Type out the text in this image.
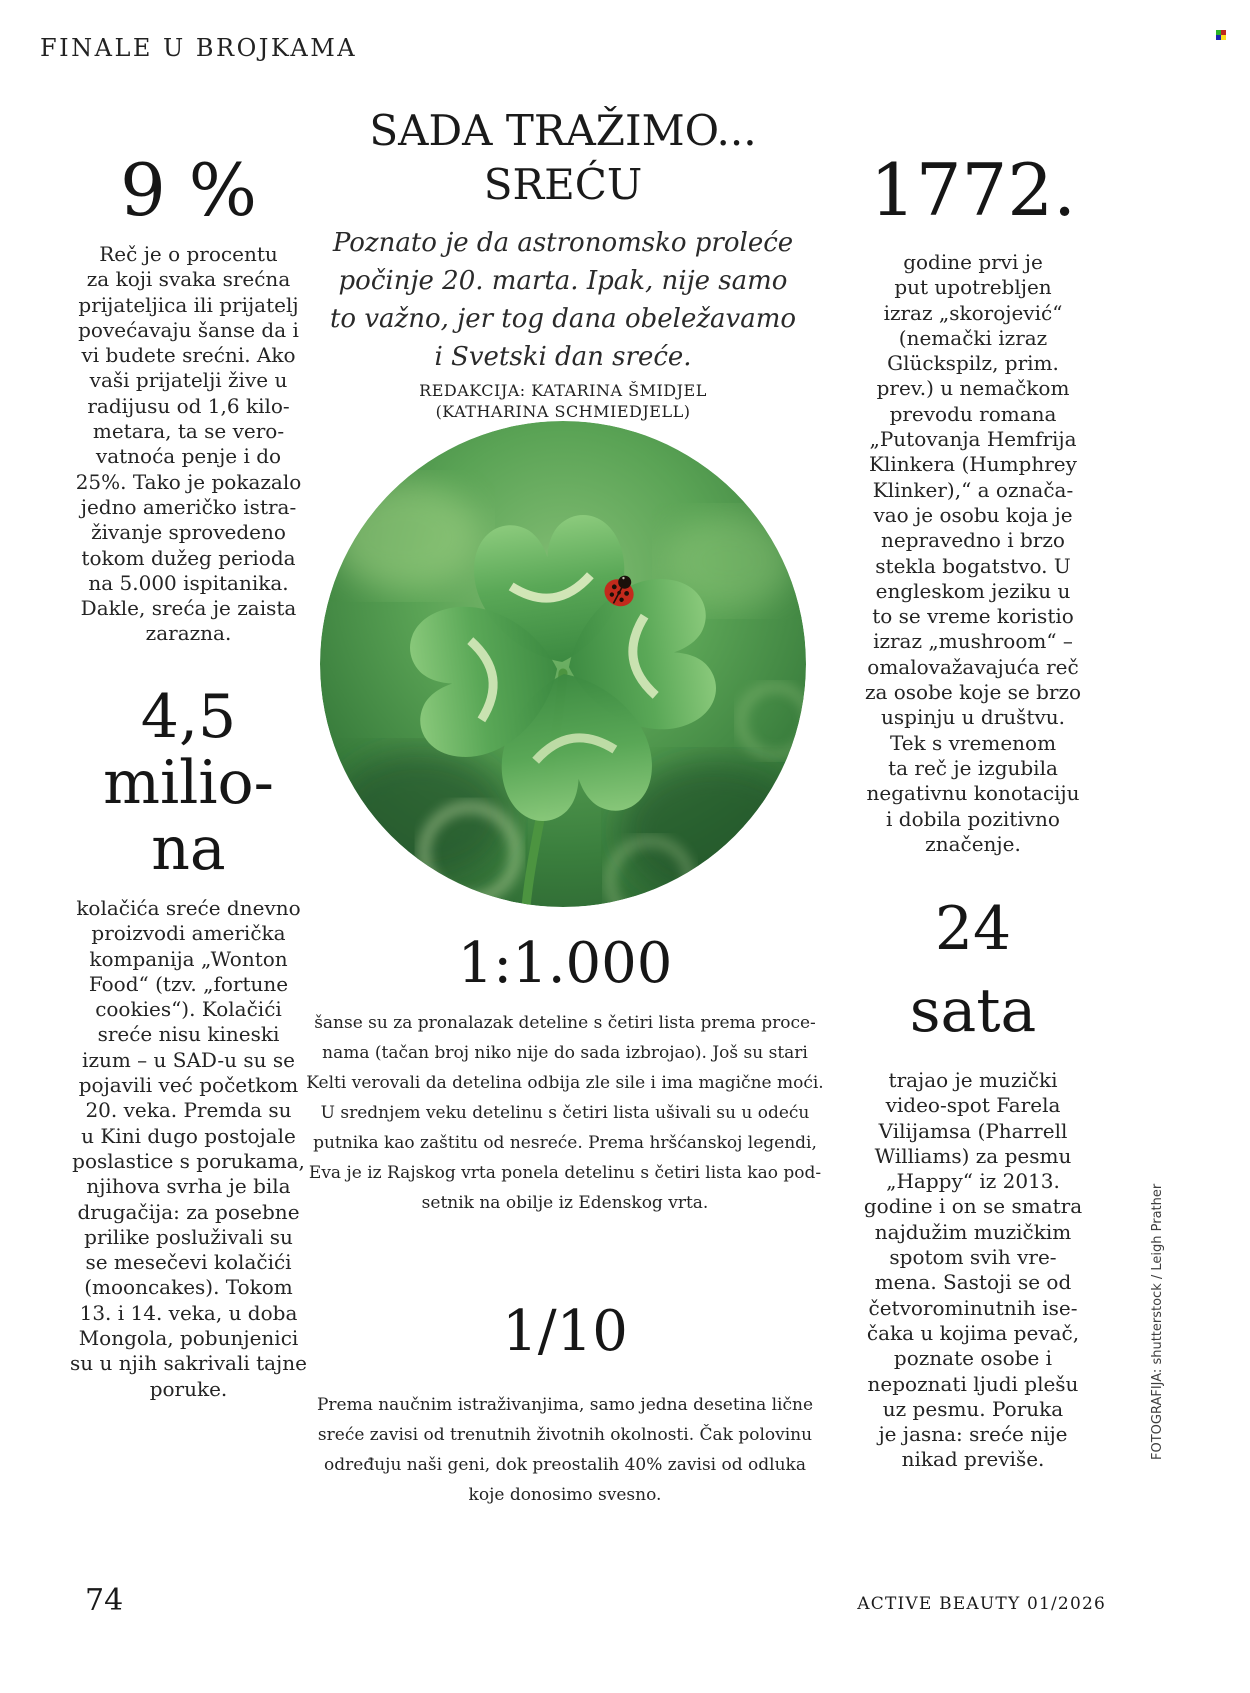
FINALE U BROJKAMA
SADA TRAŽIMO...
SREĆU
Poznato je da astronomsko proleće
počinje 20. marta. Ipak, nije samo
to važno, jer tog dana obeležavamo
i Svetski dan sreće.
REDAKCIJA: KATARINA ŠMIDJEL
(KATHARINA SCHMIEDJELL)
9 %
Reč je o procentu
za koji svaka srećna
prijateljica ili prijatelj
povećavaju šanse da i
vi budete srećni. Ako
vaši prijatelji žive u
radijusu od 1,6 kilo-
metara, ta se vero-
vatnoća penje i do
25%. Tako je pokazalo
jedno američko istra-
živanje sprovedeno
tokom dužeg perioda
na 5.000 ispitanika.
Dakle, sreća je zaista
zarazna.
4,5
milio-
na
kolačića sreće dnevno
proizvodi američka
kompanija „Wonton
Food“ (tzv. „fortune
cookies“). Kolačići
sreće nisu kineski
izum – u SAD-u su se
pojavili već početkom
20. veka. Premda su
u Kini dugo postojale
poslastice s porukama,
njihova svrha je bila
drugačija: za posebne
prilike posluživali su
se mesečevi kolačići
(mooncakes). Tokom
13. i 14. veka, u doba
Mongola, pobunjenici
su u njih sakrivali tajne
poruke.
1772.
godine prvi je
put upotrebljen
izraz „skorojević“
(nemački izraz
Glückspilz, prim.
prev.) u nemačkom
prevodu romana
„Putovanja Hemfrija
Klinkera (Humphrey
Klinker),“ a označa-
vao je osobu koja je
nepravedno i brzo
stekla bogatstvo. U
engleskom jeziku u
to se vreme koristio
izraz „mushroom“ –
omalovažavajuća reč
za osobe koje se brzo
uspinju u društvu.
Tek s vremenom
ta reč je izgubila
negativnu konotaciju
i dobila pozitivno
značenje.
24
sata
trajao je muzički
video-spot Farela
Vilijamsa (Pharrell
Williams) za pesmu
„Happy“ iz 2013.
godine i on se smatra
najdužim muzičkim
spotom svih vre-
mena. Sastoji se od
četvorominutnih ise-
čaka u kojima pevač,
poznate osobe i
nepoznati ljudi plešu
uz pesmu. Poruka
je jasna: sreće nije
nikad previše.
1:1.000
šanse su za pronalazak deteline s četiri lista prema proce-
nama (tačan broj niko nije do sada izbrojao). Još su stari
Kelti verovali da detelina odbija zle sile i ima magične moći.
U srednjem veku detelinu s četiri lista ušivali su u odeću
putnika kao zaštitu od nesreće. Prema hršćanskoj legendi,
Eva je iz Rajskog vrta ponela detelinu s četiri lista kao pod-
setnik na obilje iz Edenskog vrta.
1/10
Prema naučnim istraživanjima, samo jedna desetina lične
sreće zavisi od trenutnih životnih okolnosti. Čak polovinu
određuju naši geni, dok preostalih 40% zavisi od odluka
koje donosimo svesno.
FOTOGRAFIJA: shutterstock / Leigh Prather
74	ACTIVE BEAUTY 01/2026
